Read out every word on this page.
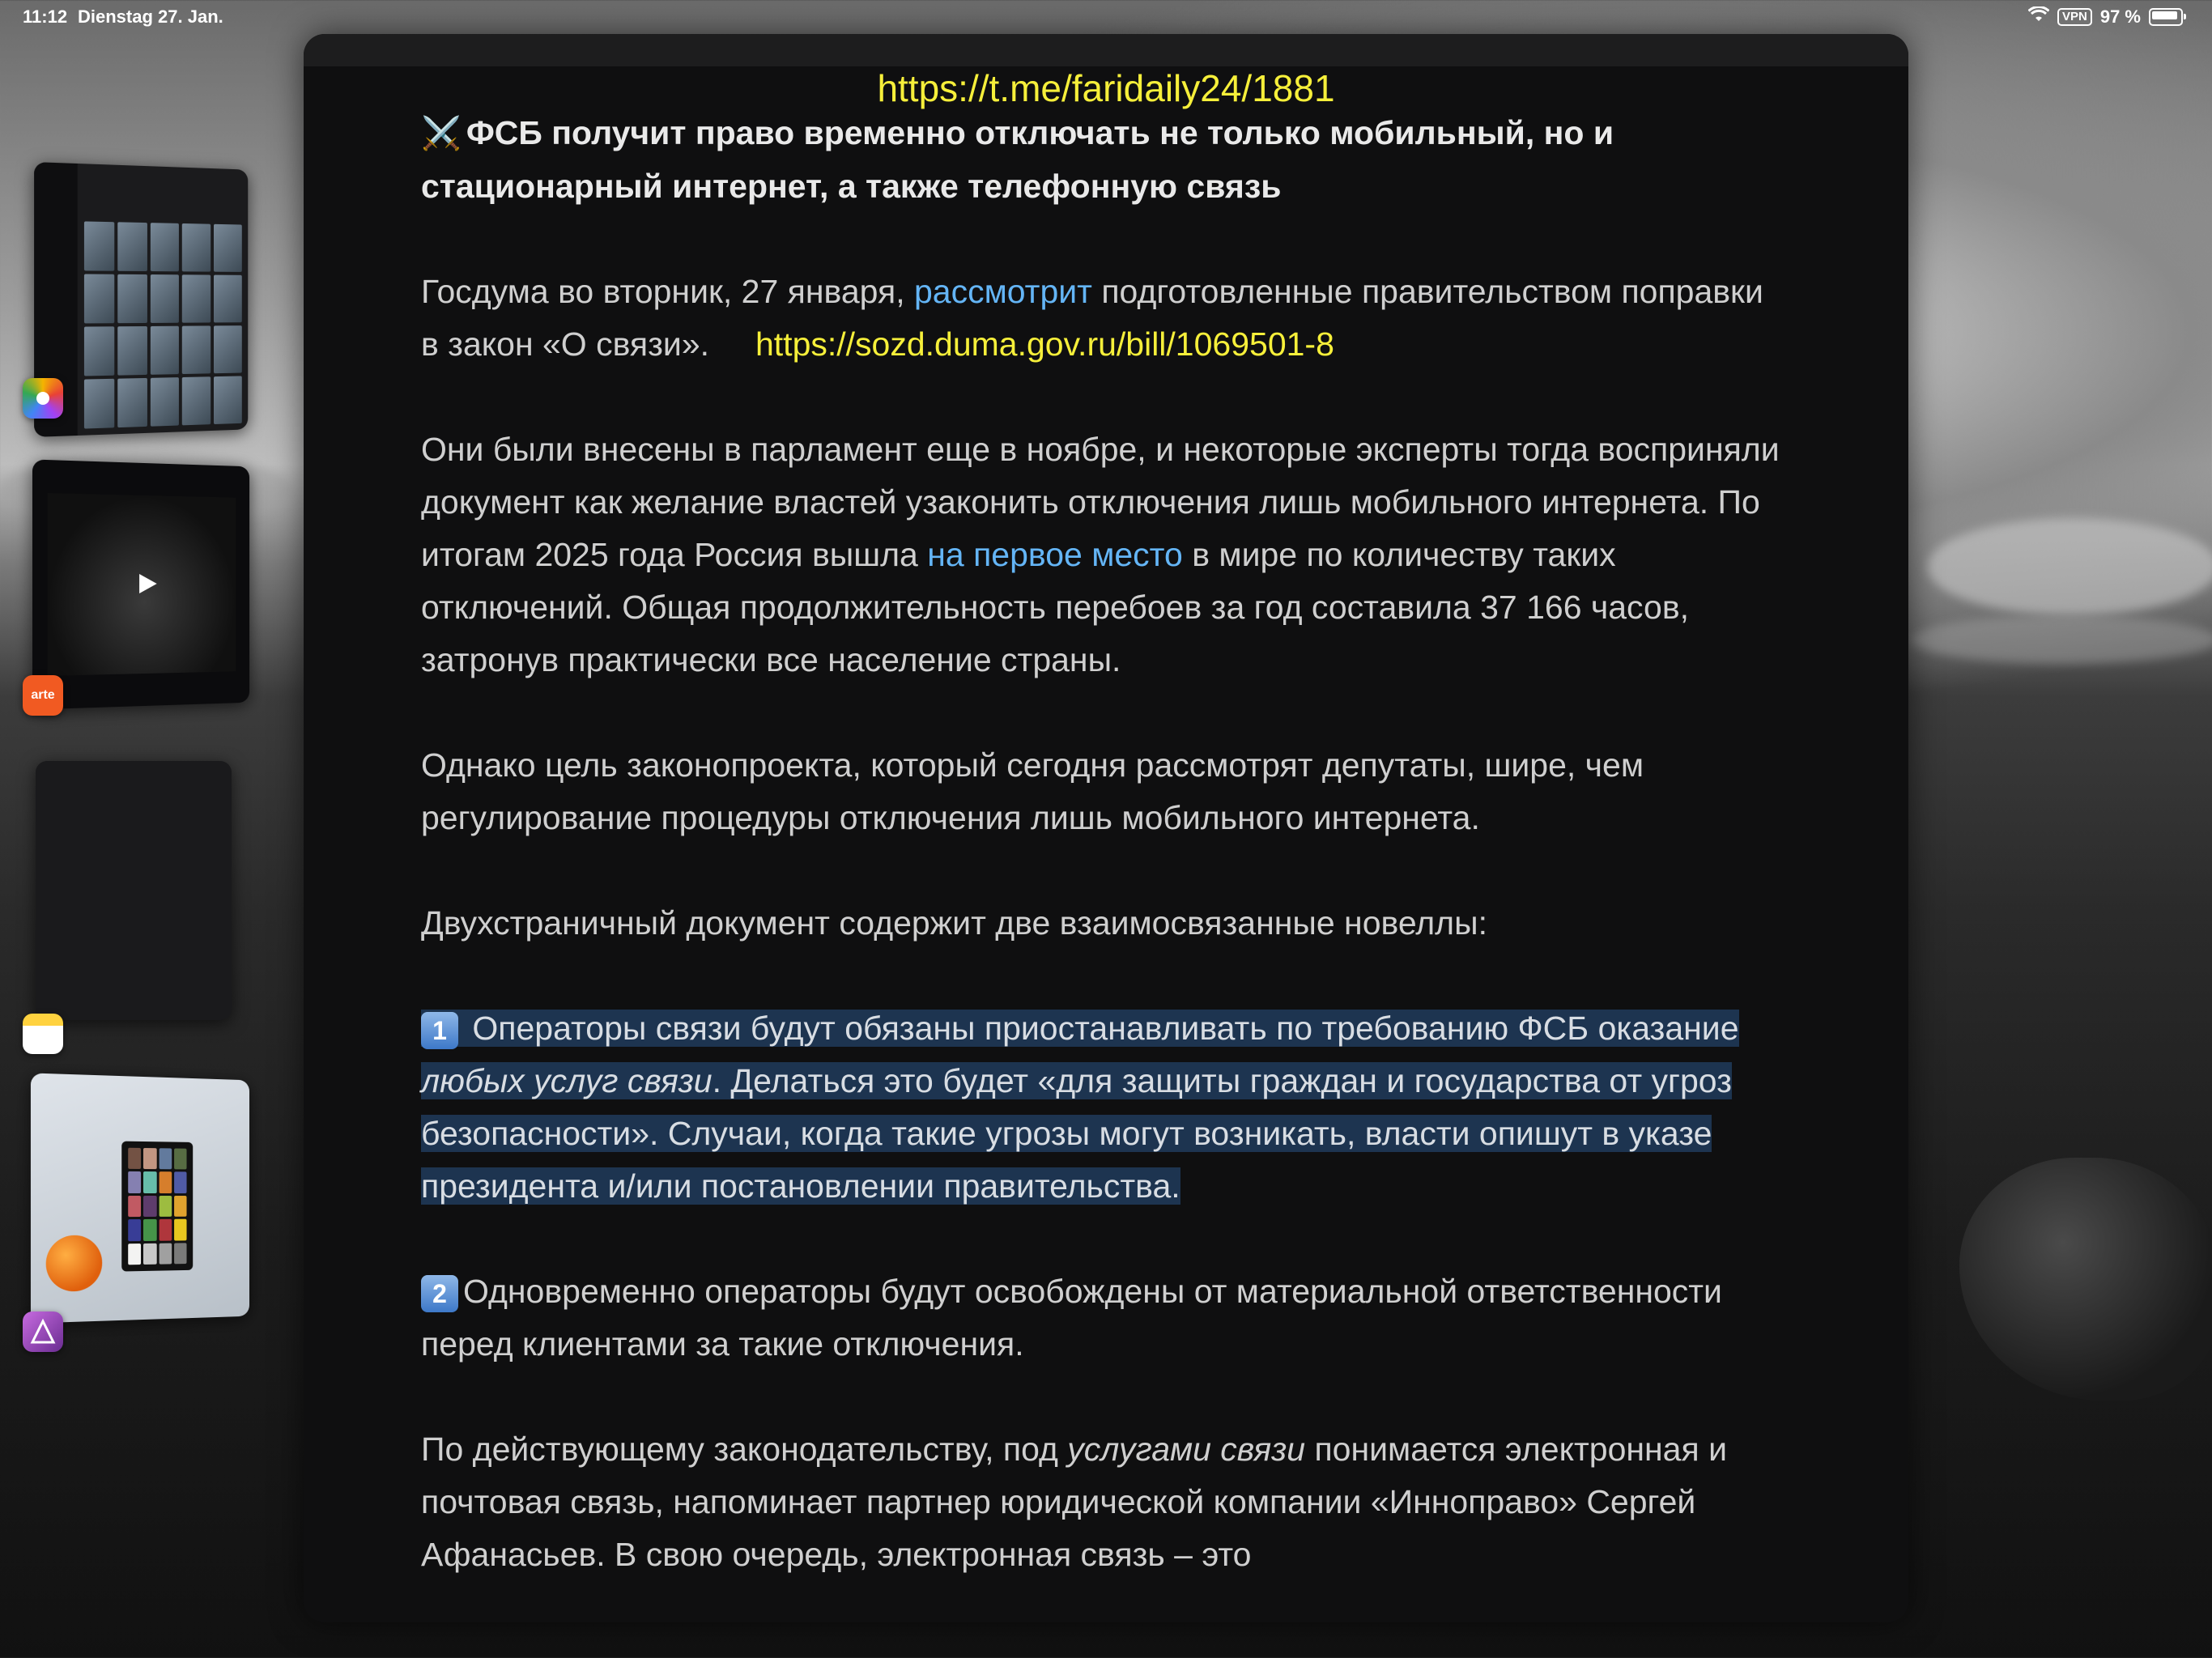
11:12 Dienstag 27. Jan.	VPN 97 %
arte
https://t.me/faridaily24/1881

⚔️ ФСБ получит право временно отключать не только мобильный, но и стационарный интернет, а также телефонную связь

Госдума во вторник, 27 января, рассмотрит подготовленные правительством поправки в закон «О связи». https://sozd.duma.gov.ru/bill/1069501-8

Они были внесены в парламент еще в ноябре, и некоторые эксперты тогда восприняли документ как желание властей узаконить отключения лишь мобильного интернета. По итогам 2025 года Россия вышла на первое место в мире по количеству таких отключений. Общая продолжительность перебоев за год составила 37 166 часов, затронув практически все население страны.

Однако цель законопроекта, который сегодня рассмотрят депутаты, шире, чем регулирование процедуры отключения лишь мобильного интернета.

Двухстраничный документ содержит две взаимосвязанные новеллы:

1 Операторы связи будут обязаны приостанавливать по требованию ФСБ оказание любых услуг связи. Делаться это будет «для защиты граждан и государства от угроз безопасности». Случаи, когда такие угрозы могут возникать, власти опишут в указе президента и/или постановлении правительства.

2 Одновременно операторы будут освобождены от материальной ответственности перед клиентами за такие отключения.

По действующему законодательству, под услугами связи понимается электронная и почтовая связь, напоминает партнер юридической компании «Иннoправо» Сергей Афанасьев. В свою очередь, электронная связь – это
